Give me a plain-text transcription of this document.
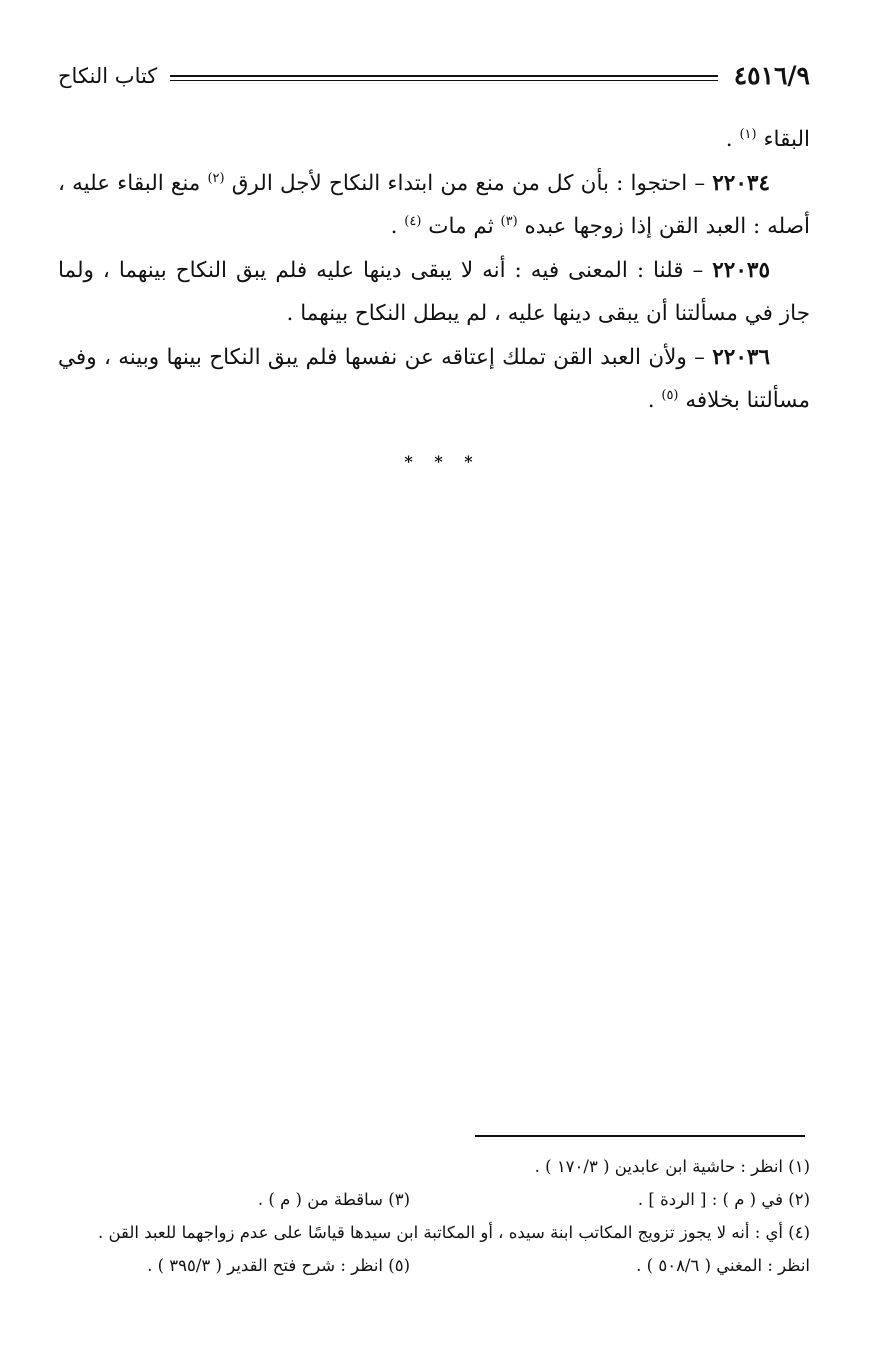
٤٥١٦/٩
كتاب النكاح

البقاء $^{(١)}$ .

٢٢٠٣٤ – احتجوا : بأن كل من منع من ابتداء النكاح لأجل الرق $^{(٢)}$ منع البقاء عليه ، أصله : العبد القن إذا زوجها عبده $^{(٣)}$ ثم مات $^{(٤)}$ .

٢٢٠٣٥ – قلنا : المعنى فيه : أنه لا يبقى دينها عليه فلم يبق النكاح بينهما ، ولما جاز في مسألتنا أن يبقى دينها عليه ، لم يبطل النكاح بينهما .

٢٢٠٣٦ – ولأن العبد القن تملك إعتاقه عن نفسها فلم يبق النكاح بينها وبينه ، وفي مسألتنا بخلافه $^{(٥)}$ .

* * *
(١) انظر : حاشية ابن عابدين ( ١٧٠/٣ ) .
(٢) في ( م ) : [ الردة ] .
(٣) ساقطة من ( م ) .
(٤) أي : أنه لا يجوز تزويج المكاتب ابنة سيده ، أو المكاتبة ابن سيدها قياسًا على عدم زواجهما للعبد القن .
انظر : المغني ( ٥٠٨/٦ ) .
(٥) انظر : شرح فتح القدير ( ٣٩٥/٣ ) .
